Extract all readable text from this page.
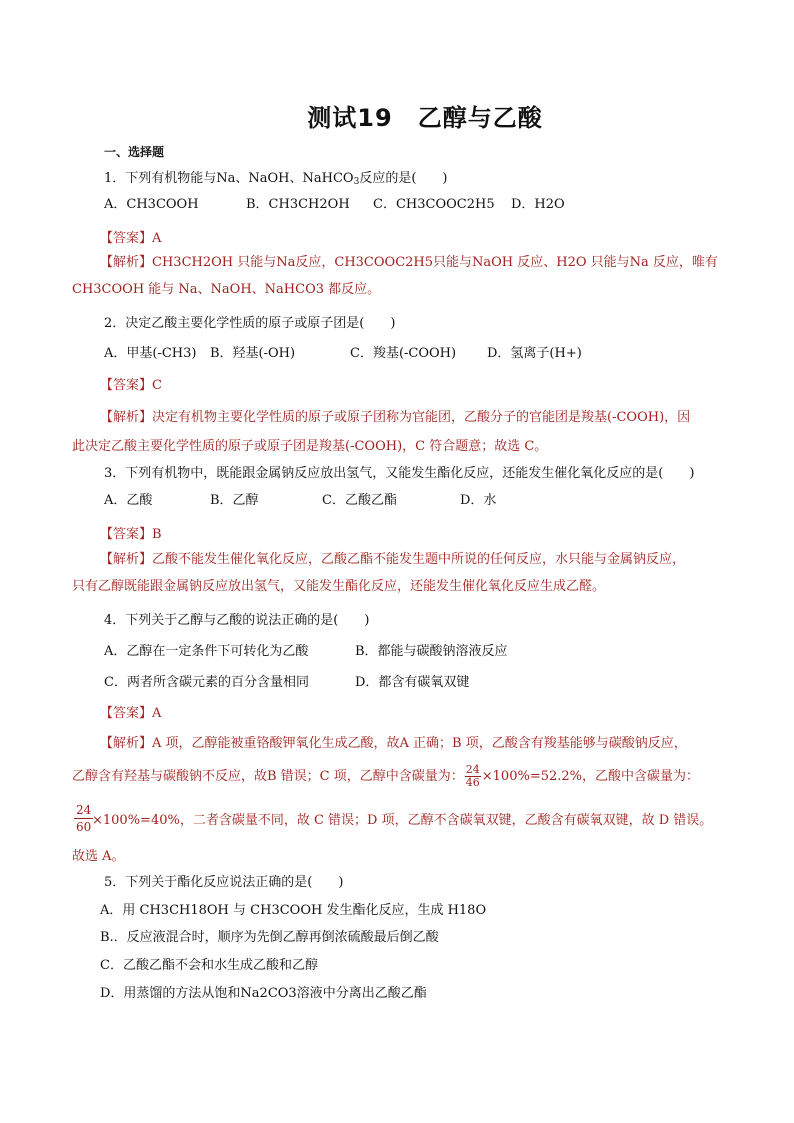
测试19　乙醇与乙酸
一、选择题
1．下列有机物能与Na、NaOH、NaHCO$_3$反应的是(　　)
A．CH3COOH	B．CH3CH2OH C．CH3COOC2H5 D．H2O
【答案】A
【解析】CH3CH2OH 只能与Na反应，CH3COOC2H5只能与NaOH 反应、H2O 只能与Na 反应，唯有
CH3COOH 能与 Na、NaOH、NaHCO3 都反应。
2．决定乙酸主要化学性质的原子或原子团是(　　)
A．甲基(-CH3) B．羟基(-OH)	C．羧基(-COOH) D．氢离子(H+)
【答案】C
【解析】决定有机物主要化学性质的原子或原子团称为官能团，乙酸分子的官能团是羧基(-COOH)，因
此决定乙酸主要化学性质的原子或原子团是羧基(-COOH)，C 符合题意；故选 C。
3．下列有机物中，既能跟金属钠反应放出氢气，又能发生酯化反应，还能发生催化氧化反应的是(　　)
A．乙酸	B．乙醇	C．乙酸乙酯	D．水
【答案】B
【解析】乙酸不能发生催化氧化反应，乙酸乙酯不能发生题中所说的任何反应，水只能与金属钠反应，
只有乙醇既能跟金属钠反应放出氢气，又能发生酯化反应，还能发生催化氧化反应生成乙醛。
4．下列关于乙醇与乙酸的说法正确的是(　　)
A．乙醇在一定条件下可转化为乙酸	B．都能与碳酸钠溶液反应
C．两者所含碳元素的百分含量相同	D．都含有碳氧双键
【答案】A
【解析】A 项，乙醇能被重铬酸钾氧化生成乙酸，故A 正确；B 项，乙酸含有羧基能够与碳酸钠反应，
乙醇含有羟基与碳酸钠不反应，故B 错误；C 项，乙醇中含碳量为： $\frac{24}{46} \times 100\%=52.2\%$，乙酸中含碳量为：
$\frac{24}{60}$
×100%=40%，二者含碳量不同，故 C 错误；D 项，乙醇不含碳氧双键，乙酸含有碳氧双键，故 D 错误。
故选 A。
5．下列关于酯化反应说法正确的是(　　)
A．用 CH3CH18OH 与 CH3COOH 发生酯化反应，生成 H18O
B.．反应液混合时，顺序为先倒乙醇再倒浓硫酸最后倒乙酸
C．乙酸乙酯不会和水生成乙酸和乙醇
D．用蒸馏的方法从饱和Na2CO3溶液中分离出乙酸乙酯
